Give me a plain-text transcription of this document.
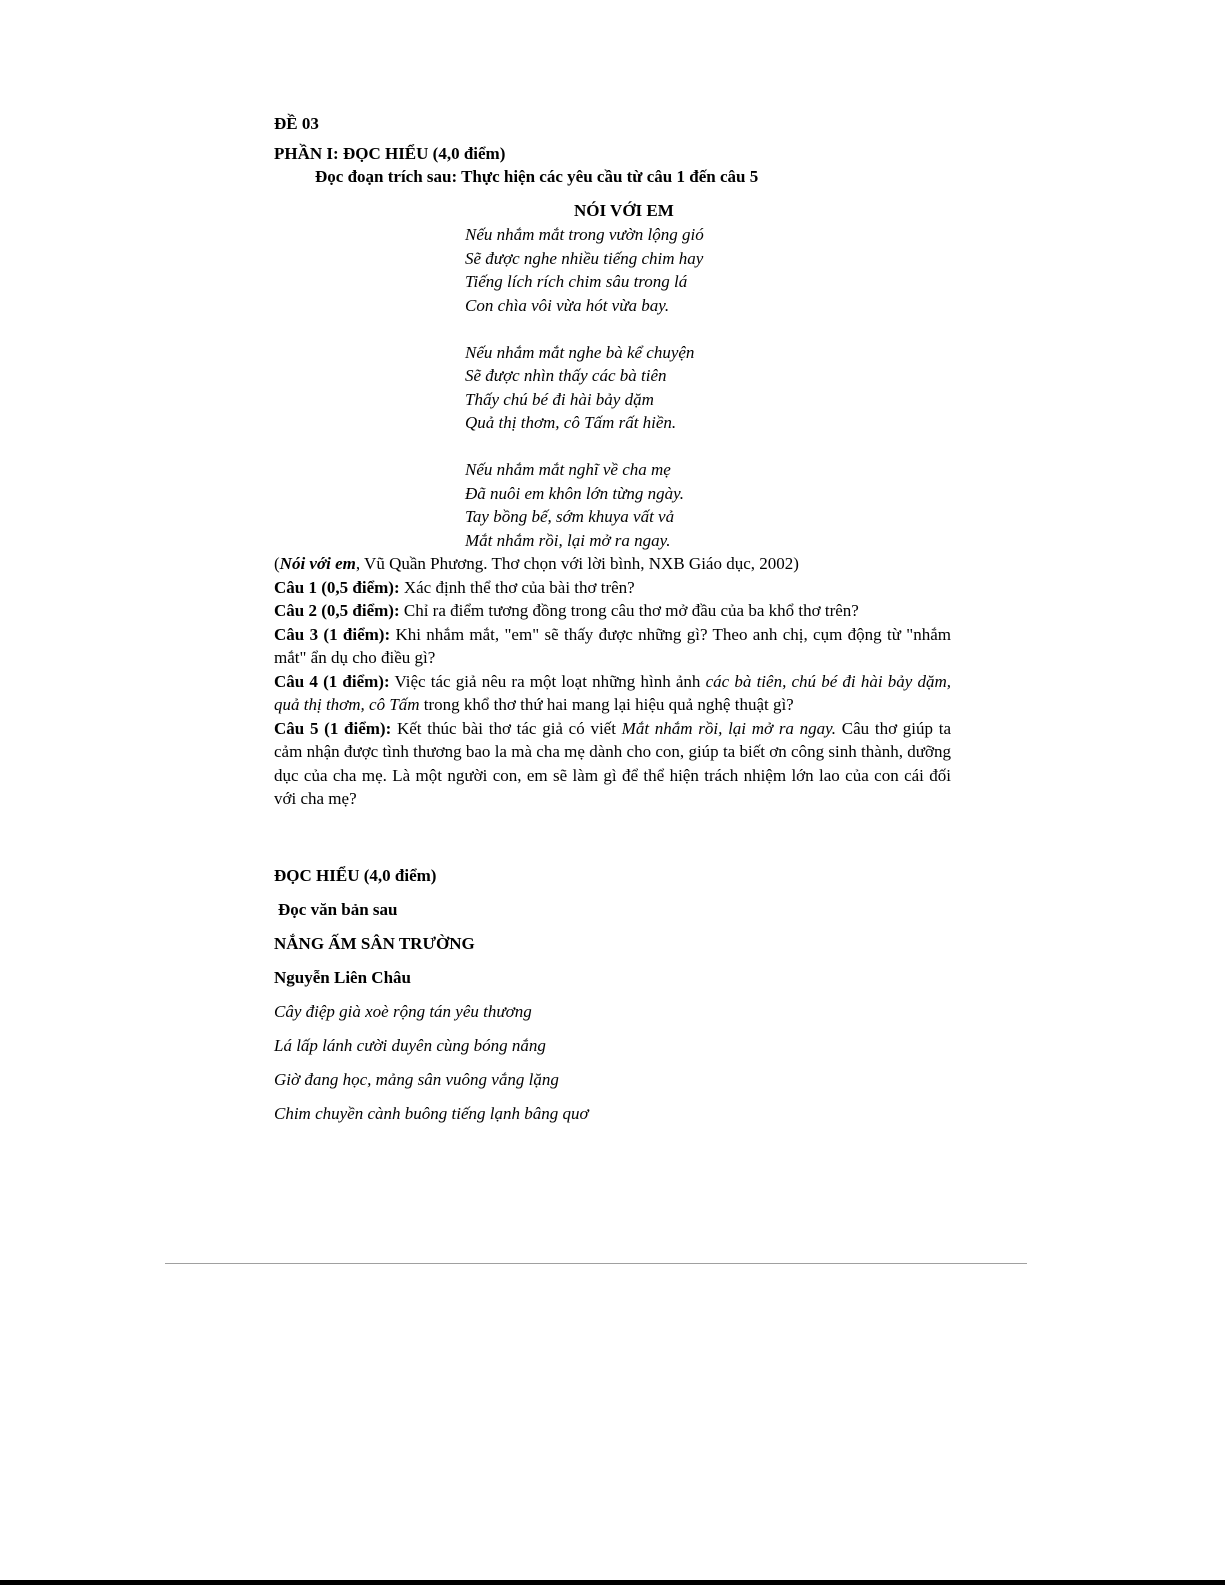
ĐỀ 03

PHẦN I: ĐỌC HIỂU (4,0 điểm)

Đọc đoạn trích sau: Thực hiện các yêu cầu từ câu 1 đến câu 5

NÓI VỚI EM

Nếu nhắm mắt trong vườn lộng gió

Sẽ được nghe nhiều tiếng chim hay

Tiếng lích rích chim sâu trong lá

Con chìa vôi vừa hót vừa bay.

Nếu nhắm mắt nghe bà kể chuyện

Sẽ được nhìn thấy các bà tiên

Thấy chú bé đi hài bảy dặm

Quả thị thơm, cô Tấm rất hiền.

Nếu nhắm mắt nghĩ về cha mẹ

Đã nuôi em khôn lớn từng ngày.

Tay bồng bế, sớm khuya vất vả

Mắt nhắm rồi, lại mở ra ngay.

(Nói với em, Vũ Quần Phương. Thơ chọn với lời bình, NXB Giáo dục, 2002)

Câu 1 (0,5 điểm): Xác định thể thơ của bài thơ trên?

Câu 2 (0,5 điểm): Chỉ ra điểm tương đồng trong câu thơ mở đầu của ba khổ thơ trên?

Câu 3 (1 điểm): Khi nhắm mắt, "em" sẽ thấy được những gì? Theo anh chị, cụm động từ "nhắm mắt" ẩn dụ cho điều gì?

Câu 4 (1 điểm): Việc tác giả nêu ra một loạt những hình ảnh các bà tiên, chú bé đi hài bảy dặm, quả thị thơm, cô Tấm trong khổ thơ thứ hai mang lại hiệu quả nghệ thuật gì?

Câu 5 (1 điểm): Kết thúc bài thơ tác giả có viết Mắt nhắm rồi, lại mở ra ngay. Câu thơ giúp ta cảm nhận được tình thương bao la mà cha mẹ dành cho con, giúp ta biết ơn công sinh thành, dưỡng dục của cha mẹ. Là một người con, em sẽ làm gì để thể hiện trách nhiệm lớn lao của con cái đối với cha mẹ?

ĐỌC HIỂU (4,0 điểm)

Đọc văn bản sau

NẮNG ẤM SÂN TRƯỜNG

Nguyễn Liên Châu

Cây điệp già xoè rộng tán yêu thương

Lá lấp lánh cười duyên cùng bóng nắng

Giờ đang học, mảng sân vuông vắng lặng

Chim chuyền cành buông tiếng lạnh bâng quơ
